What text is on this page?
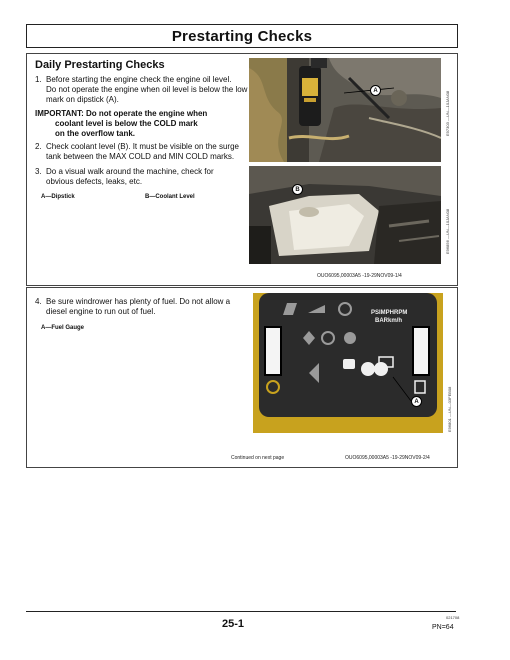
Prestarting Checks
Daily Prestarting Checks
1. Before starting the engine check the engine oil level.
Do not operate the engine when oil level is below the low
mark on dipstick (A).
IMPORTANT: Do not operate the engine when

coolant level is below the COLD mark
on the overflow tank.
2. Check coolant level (B). It must be visible on the surge
tank between the MAX COLD and MIN COLD marks.
3. Do a visual walk around the machine, check for
obvious defects, leaks, etc.
A—Dipstick	B—Coolant Level
A
E97303 —UN—10JAN08
B
E96856 —UN—10JAN08
OUO6095,00003A5 -19-29NOV09-1/4
4. Be sure windrower has plenty of fuel. Do not allow a
diesel engine to run out of fuel.
A—Fuel Gauge
PSIMPHRPM
BARkm/h
A	E96801 —UN—03FEB08
Continued on next page	OUO6095,00003A5 -19-29NOV09-2/4
25-1
021708
PN=64
